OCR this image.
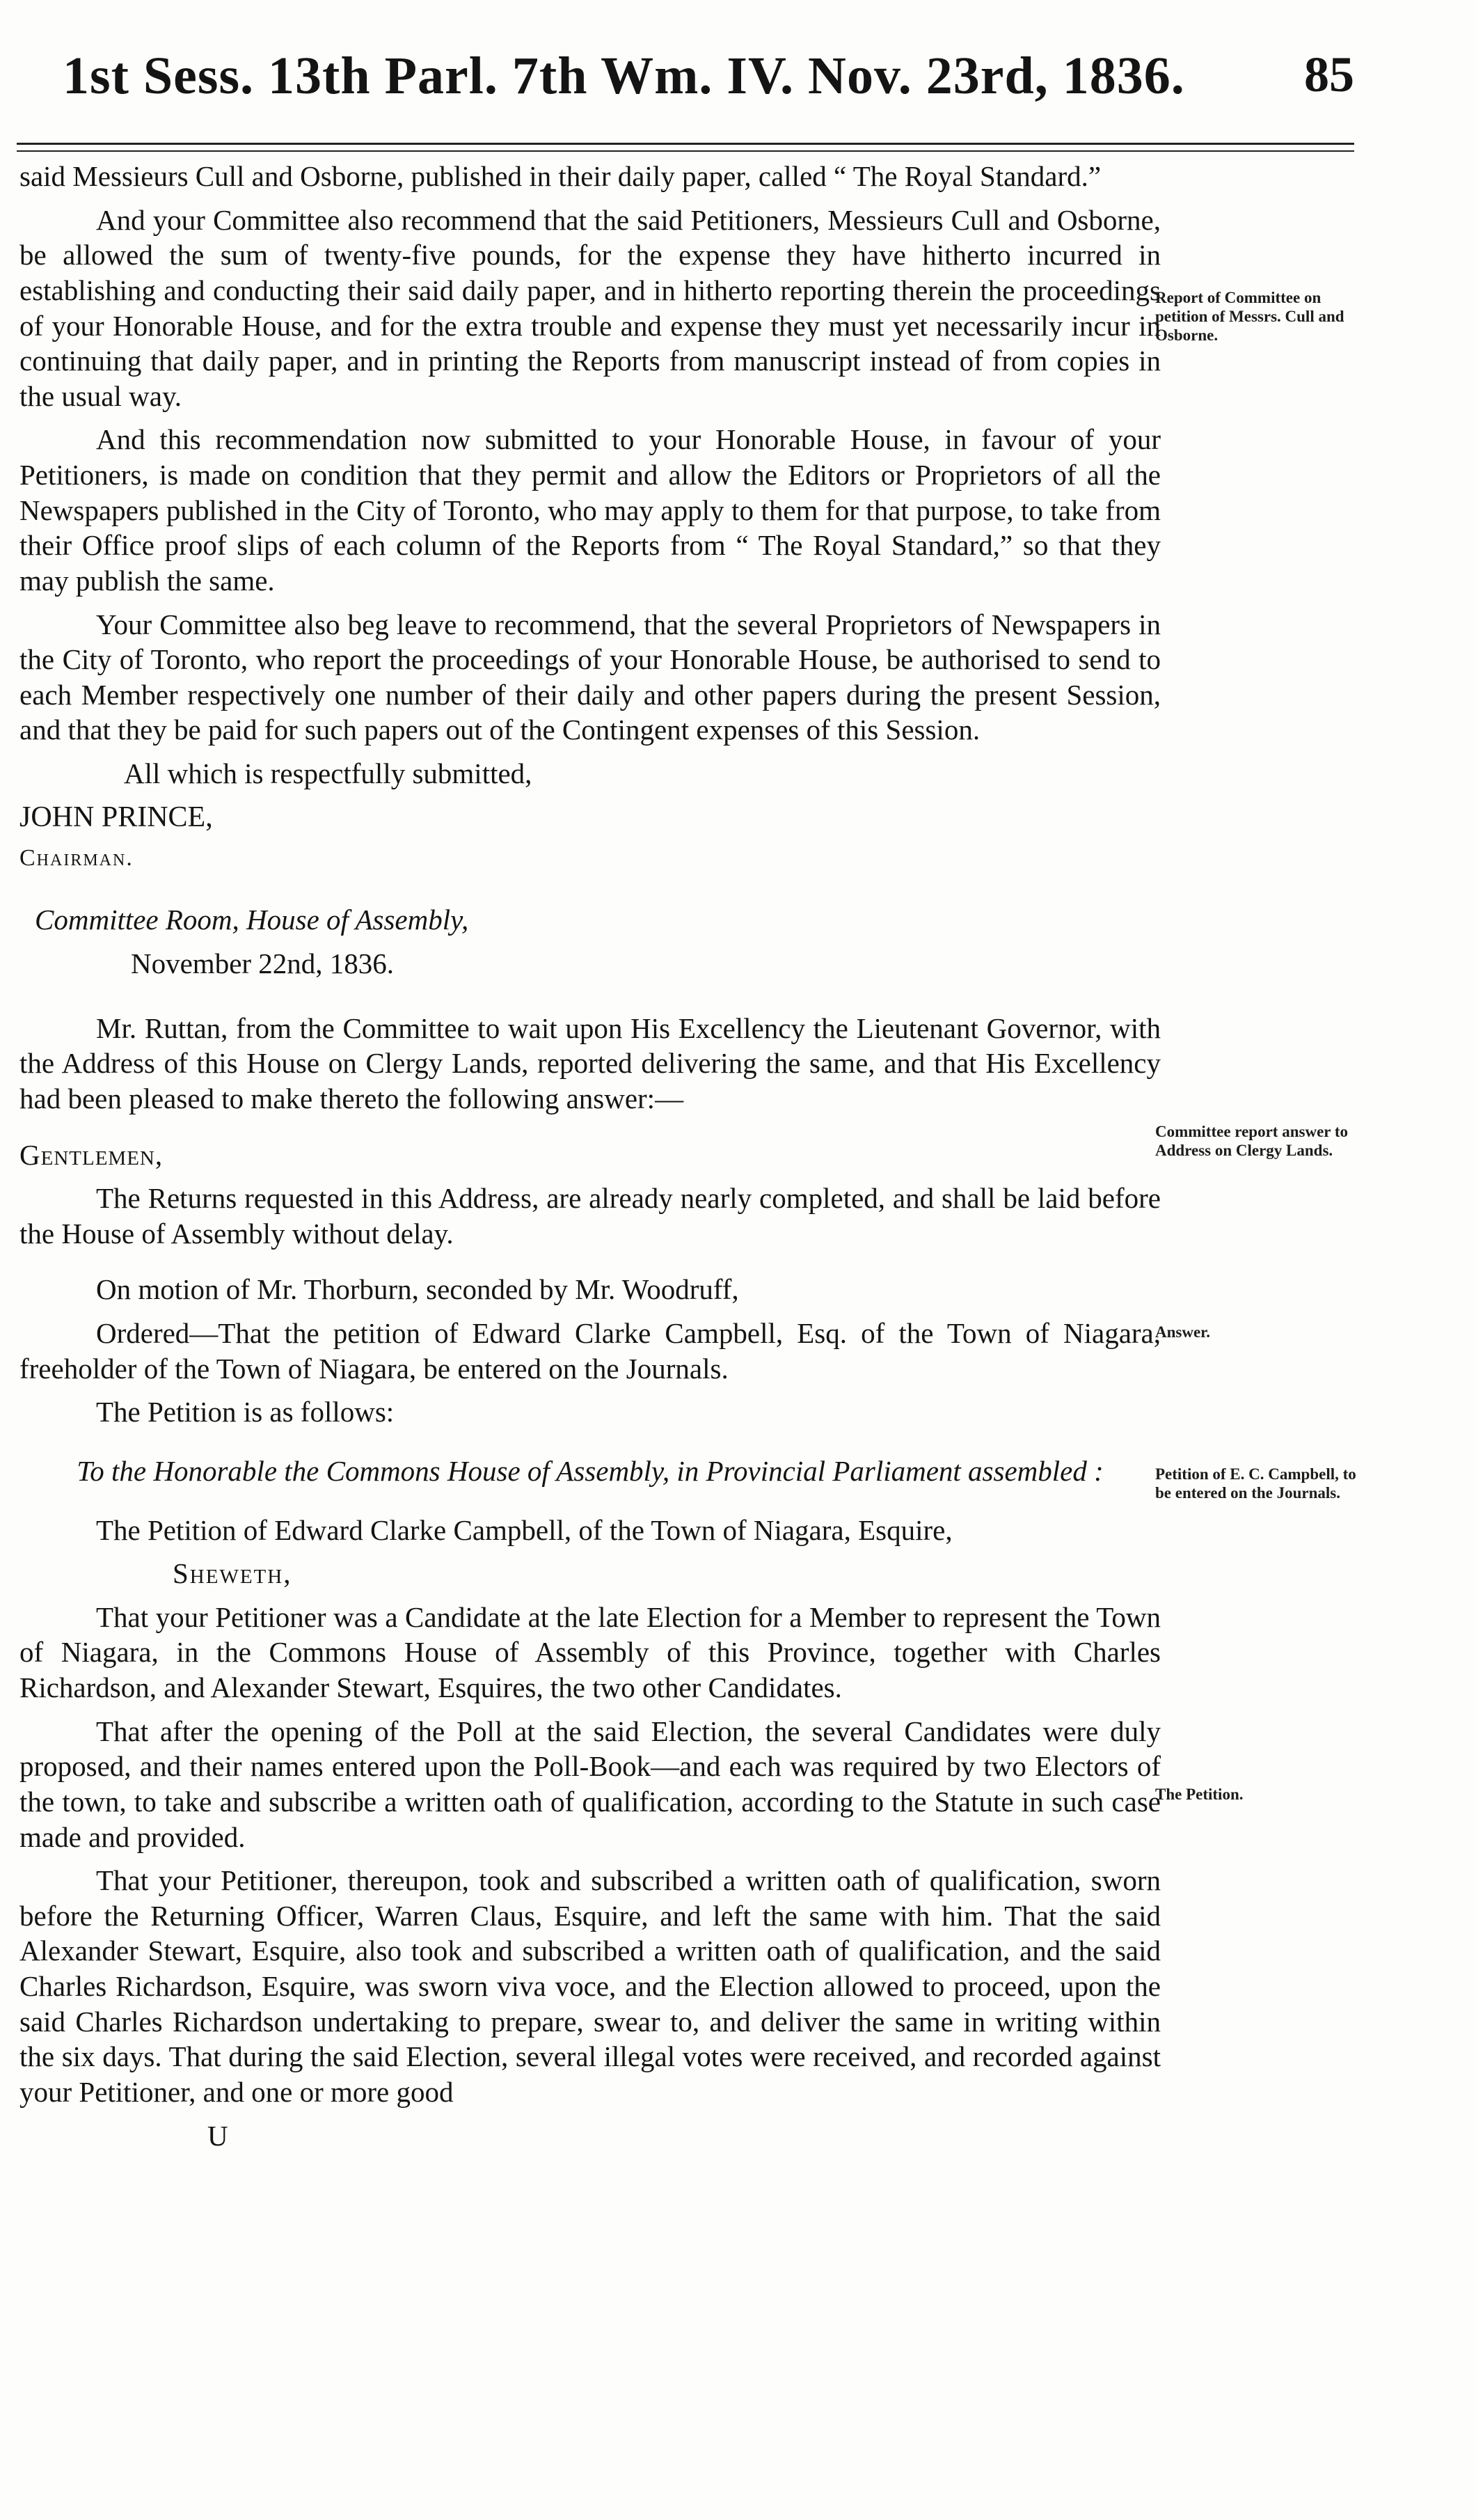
1st Sess. 13th Parl. 7th Wm. IV. Nov. 23rd, 1836. 85

said Messieurs Cull and Osborne, published in their daily paper, called “ The Royal Standard.”

And your Committee also recommend that the said Petitioners, Messieurs Cull and Osborne, be allowed the sum of twenty-five pounds, for the expense they have hitherto incurred in establishing and conducting their said daily paper, and in hitherto reporting therein the proceedings of your Honorable House, and for the extra trouble and expense they must yet necessarily incur in continuing that daily paper, and in printing the Reports from manuscript instead of from copies in the usual way.

And this recommendation now submitted to your Honorable House, in favour of your Petitioners, is made on condition that they permit and allow the Editors or Proprietors of all the Newspapers published in the City of Toronto, who may apply to them for that purpose, to take from their Office proof slips of each column of the Reports from “ The Royal Standard,” so that they may publish the same.

Your Committee also beg leave to recommend, that the several Proprietors of Newspapers in the City of Toronto, who report the proceedings of your Honorable House, be authorised to send to each Member respectively one number of their daily and other papers during the present Session, and that they be paid for such papers out of the Contingent expenses of this Session.

All which is respectfully submitted,

JOHN PRINCE,

Chairman.

Committee Room, House of Assembly,

November 22nd, 1836.

Mr. Ruttan, from the Committee to wait upon His Excellency the Lieutenant Governor, with the Address of this House on Clergy Lands, reported delivering the same, and that His Excellency had been pleased to make thereto the following answer:—

Gentlemen,

The Returns requested in this Address, are already nearly completed, and shall be laid before the House of Assembly without delay.

On motion of Mr. Thorburn, seconded by Mr. Woodruff,

Ordered—That the petition of Edward Clarke Campbell, Esq. of the Town of Niagara, freeholder of the Town of Niagara, be entered on the Journals.

The Petition is as follows:

To the Honorable the Commons House of Assembly, in Provincial Parliament assembled :

The Petition of Edward Clarke Campbell, of the Town of Niagara, Esquire,

Sheweth,

That your Petitioner was a Candidate at the late Election for a Member to represent the Town of Niagara, in the Commons House of Assembly of this Province, together with Charles Richardson, and Alexander Stewart, Esquires, the two other Candidates.

That after the opening of the Poll at the said Election, the several Candidates were duly proposed, and their names entered upon the Poll-Book—and each was required by two Electors of the town, to take and subscribe a written oath of qualification, according to the Statute in such case made and provided.

That your Petitioner, thereupon, took and subscribed a written oath of qualification, sworn before the Returning Officer, Warren Claus, Esquire, and left the same with him. That the said Alexander Stewart, Esquire, also took and subscribed a written oath of qualification, and the said Charles Richardson, Esquire, was sworn viva voce, and the Election allowed to proceed, upon the said Charles Richardson undertaking to prepare, swear to, and deliver the same in writing within the six days. That during the said Election, several illegal votes were received, and recorded against your Petitioner, and one or more good

U

Report of Committee on petition of Messrs. Cull and Osborne.
Committee report answer to Address on Clergy Lands.
Answer.
Petition of E. C. Campbell, to be entered on the Journals.
The Petition.
